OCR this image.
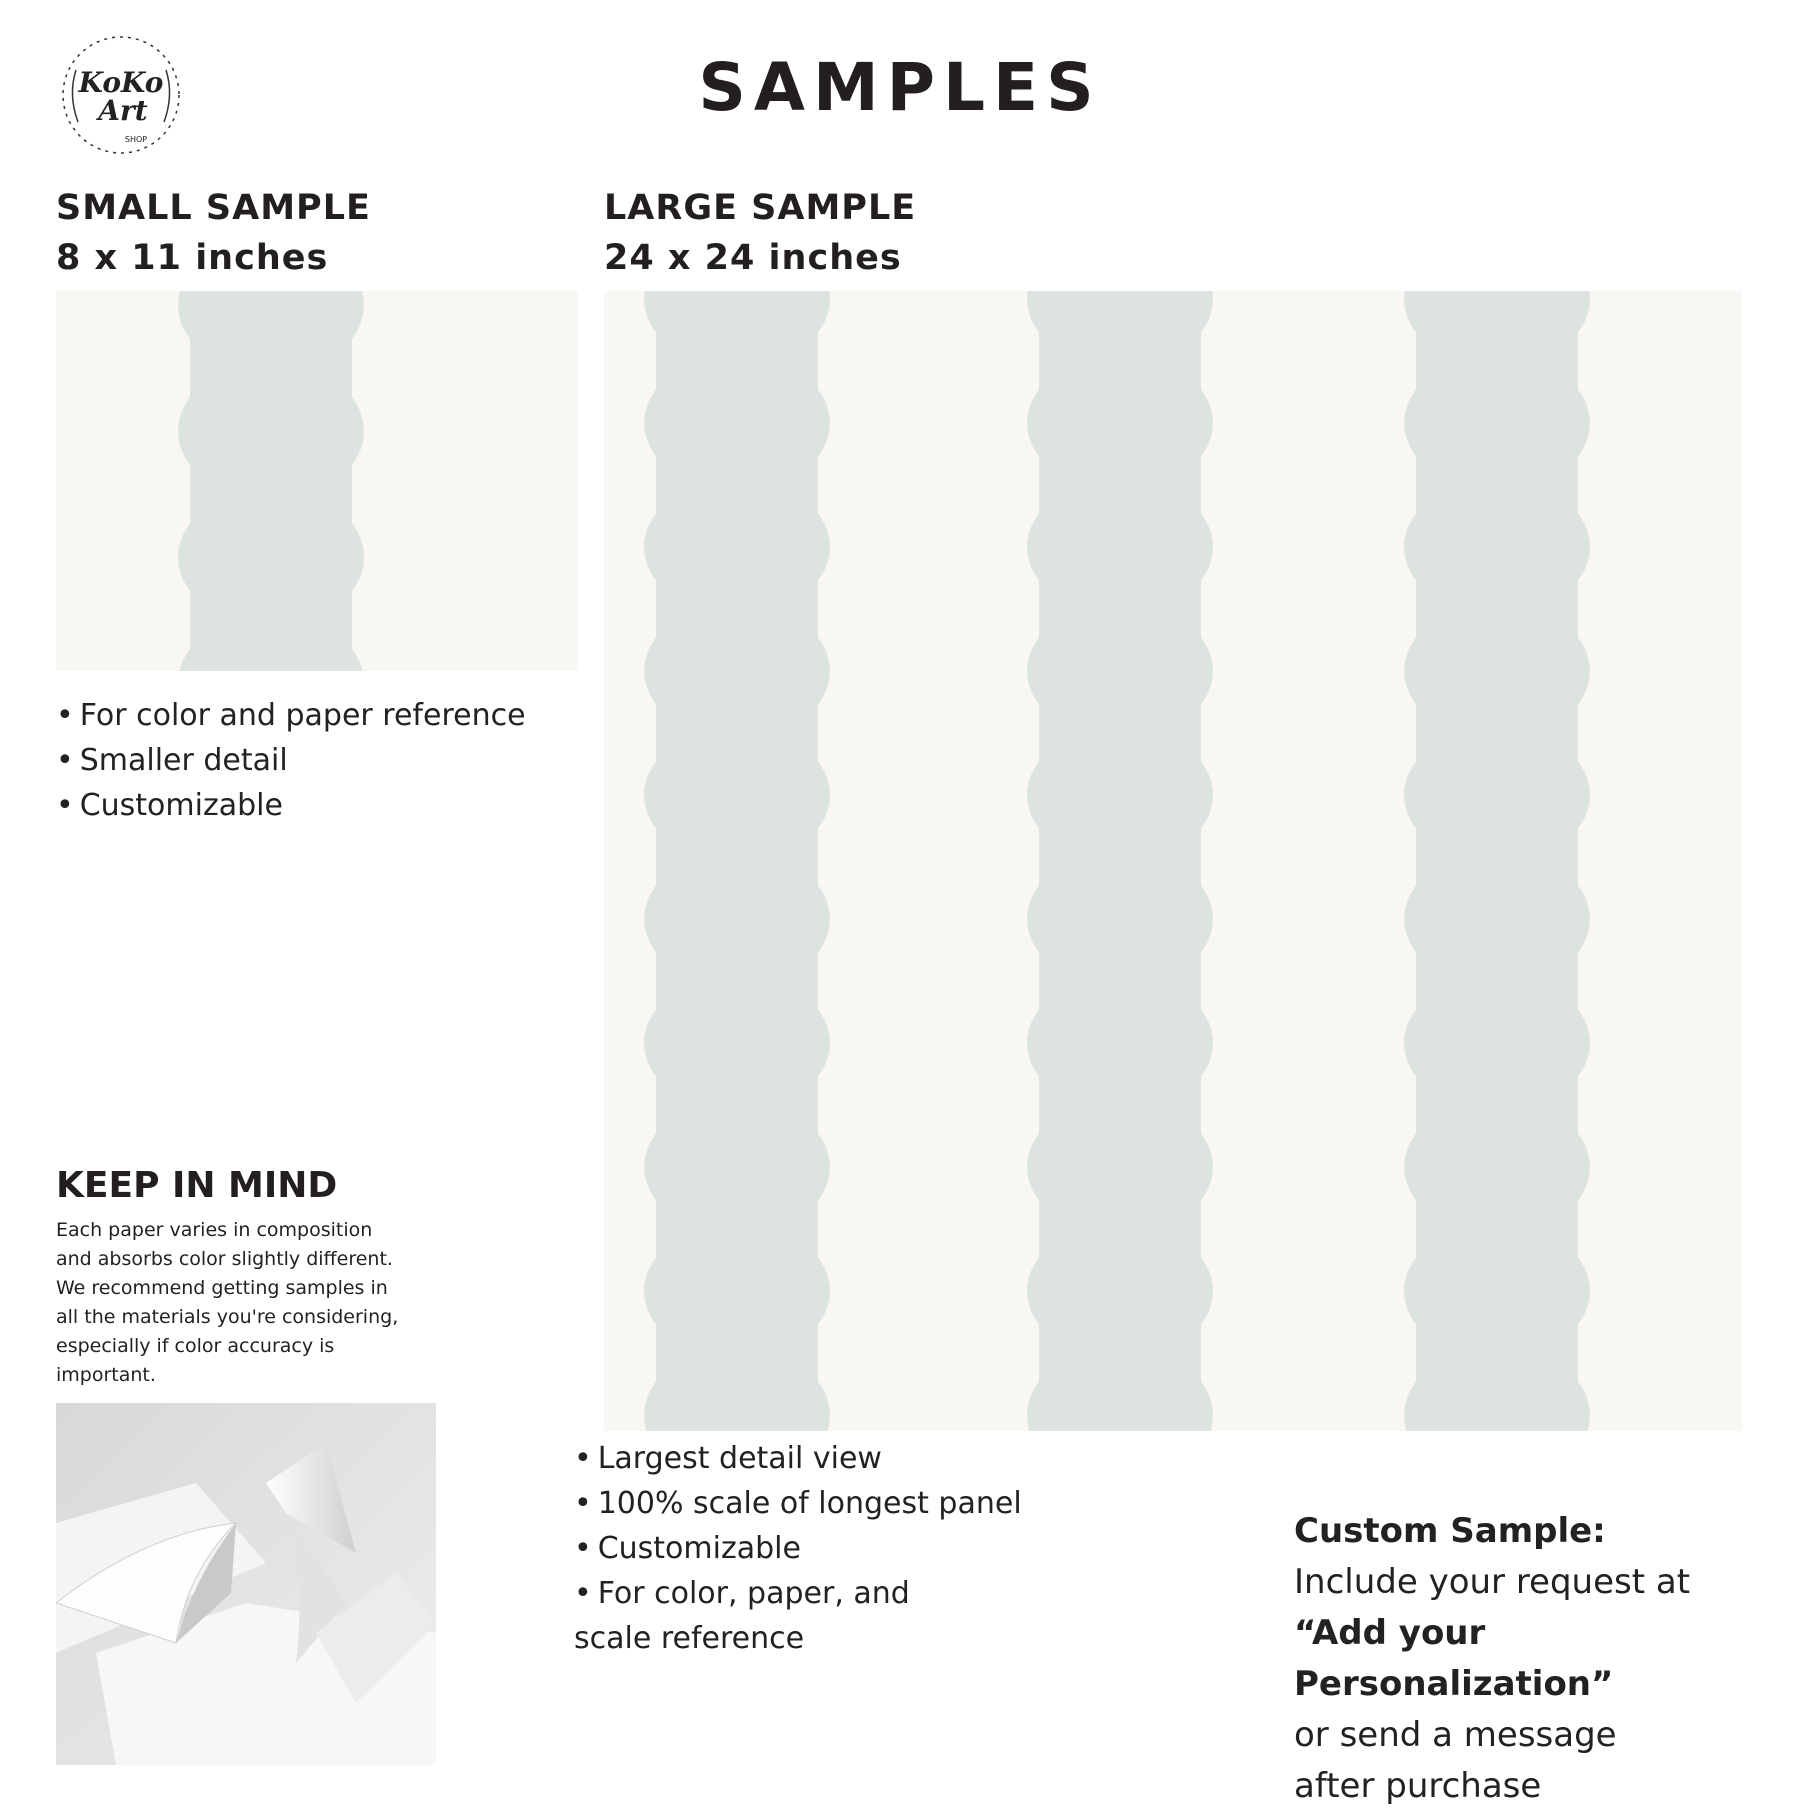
KoKo
Art
SHOP
SAMPLES
SMALL SAMPLE
8 x 11 inches
• For color and paper reference
• Smaller detail
• Customizable
LARGE SAMPLE
24 x 24 inches
• Largest detail view
• 100% scale of longest panel
• Customizable
• For color, paper, and
scale reference
KEEP IN MIND
Each paper varies in composition
and absorbs color slightly different.
We recommend getting samples in
all the materials you're considering,
especially if color accuracy is
important.
Custom Sample:
Include your request at
“Add your Personalization”
or send a message
after purchase
